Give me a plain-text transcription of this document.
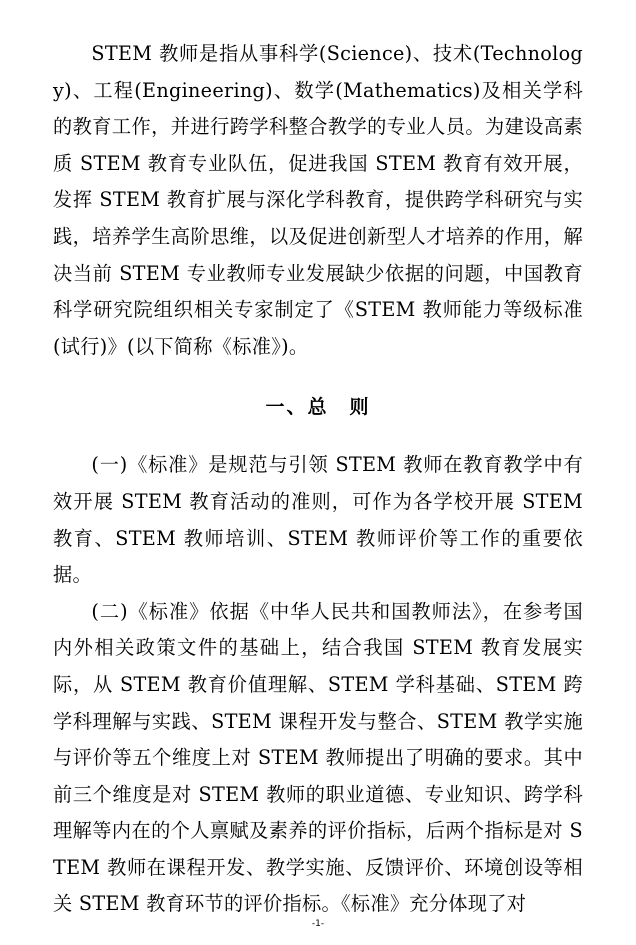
STEM 教师是指从事科学(Science)、技术(Technology)、工程(Engineering)、数学(Mathematics)及相关学科的教育工作，并进行跨学科整合教学的专业人员。为建设高素质 STEM 教育专业队伍，促进我国 STEM 教育有效开展，发挥 STEM 教育扩展与深化学科教育，提供跨学科研究与实践，培养学生高阶思维，以及促进创新型人才培养的作用，解决当前 STEM 专业教师专业发展缺少依据的问题，中国教育科学研究院组织相关专家制定了《STEM 教师能力等级标准(试行)》(以下简称《标准》)。

一、总　则

(一)《标准》是规范与引领 STEM 教师在教育教学中有效开展 STEM 教育活动的准则，可作为各学校开展 STEM 教育、STEM 教师培训、STEM 教师评价等工作的重要依据。

(二)《标准》依据《中华人民共和国教师法》，在参考国内外相关政策文件的基础上，结合我国 STEM 教育发展实际，从 STEM 教育价值理解、STEM 学科基础、STEM 跨学科理解与实践、STEM 课程开发与整合、STEM 教学实施与评价等五个维度上对 STEM 教师提出了明确的要求。其中前三个维度是对 STEM 教师的职业道德、专业知识、跨学科理解等内在的个人禀赋及素养的评价指标，后两个指标是对 STEM 教师在课程开发、教学实施、反馈评价、环境创设等相关 STEM 教育环节的评价指标。《标准》充分体现了对

-1-
